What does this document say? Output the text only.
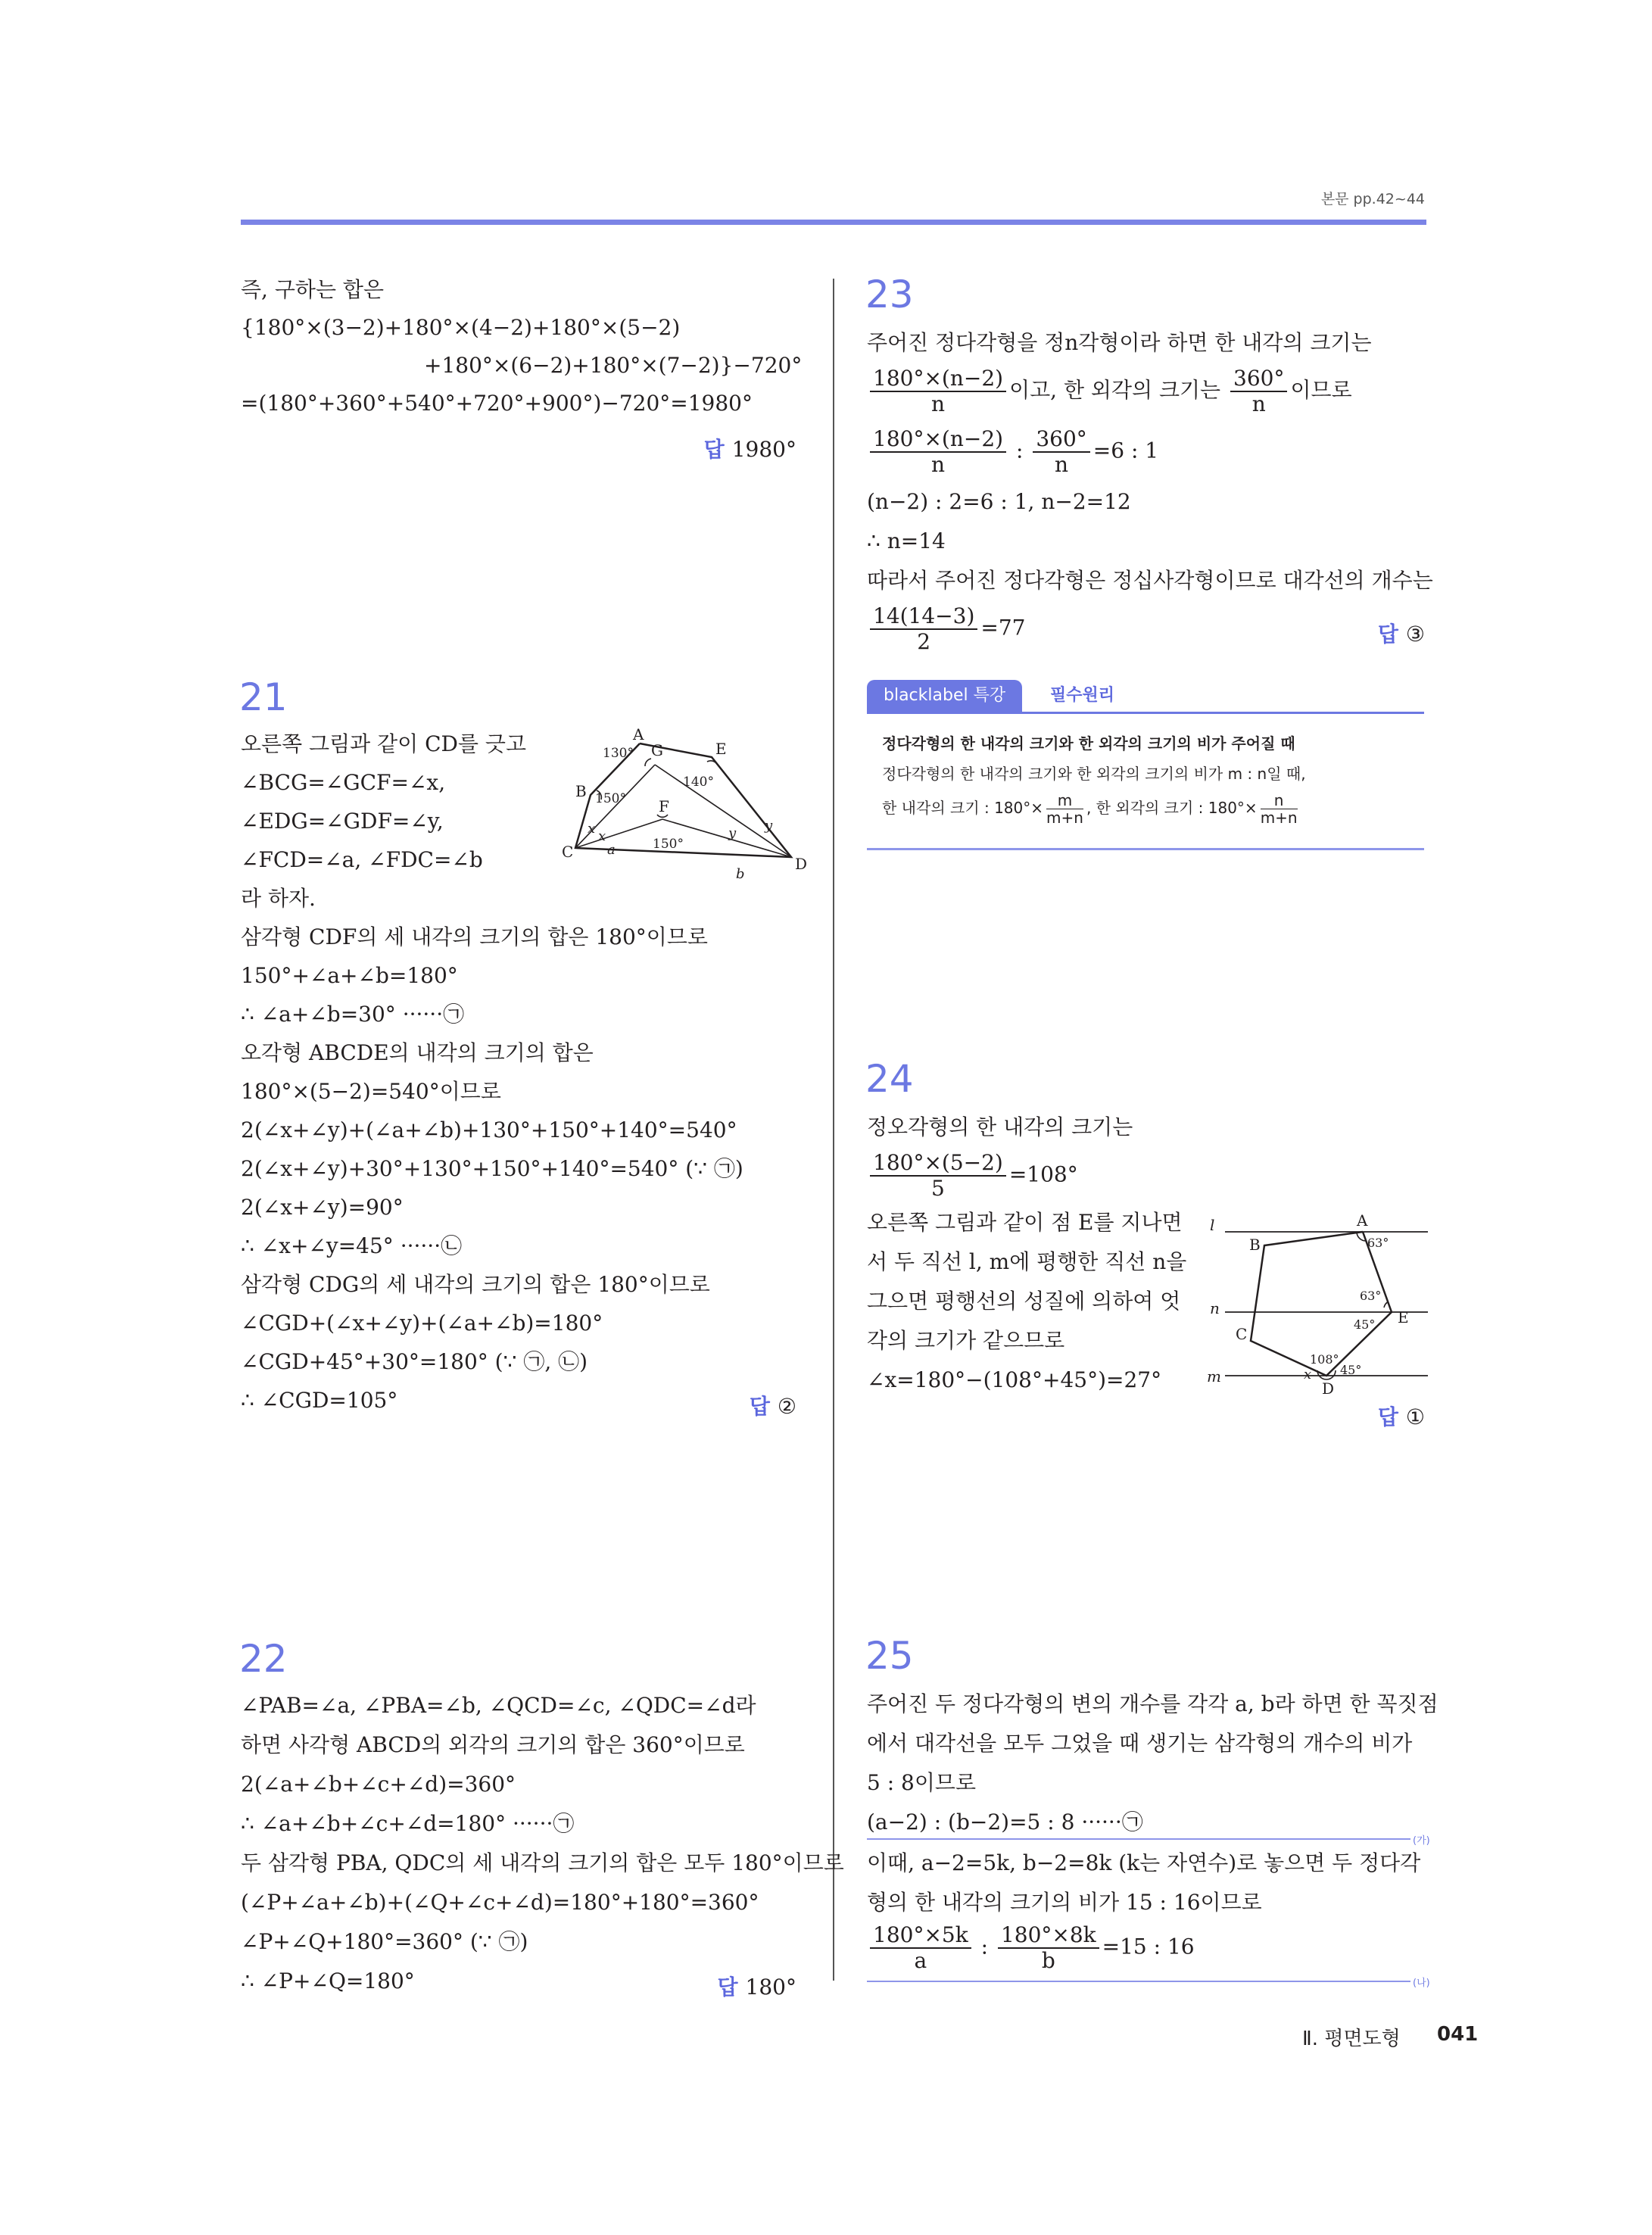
본문 pp.42~44
즉, 구하는 합은
{180°×(3−2)+180°×(4−2)+180°×(5−2)
+180°×(6−2)+180°×(7−2)}−720°
=(180°+360°+540°+720°+900°)−720°=1980°
답 1980°
21
오른쪽 그림과 같이 CD를 긋고
∠BCG=∠GCF=∠x,
∠EDG=∠GDF=∠y,
∠FCD=∠a, ∠FDC=∠b
라 하자.
삼각형 CDF의 세 내각의 크기의 합은 180°이므로
150°+∠a+∠b=180°
∴ ∠a+∠b=30° ······㉠
오각형 ABCDE의 내각의 크기의 합은
180°×(5−2)=540°이므로
2(∠x+∠y)+(∠a+∠b)+130°+150°+140°=540°
2(∠x+∠y)+30°+130°+150°+140°=540° (∵ ㉠)
2(∠x+∠y)=90°
∴ ∠x+∠y=45° ······㉡
삼각형 CDG의 세 내각의 크기의 합은 180°이므로
∠CGD+(∠x+∠y)+(∠a+∠b)=180°
∠CGD+45°+30°=180° (∵ ㉠, ㉡)
∴ ∠CGD=105°	답 ②
A
B
C
D
E
F
G
x x
y
y
a
b
130°
140°
150°
150°
22
∠PAB=∠a, ∠PBA=∠b, ∠QCD=∠c, ∠QDC=∠d라
하면 사각형 ABCD의 외각의 크기의 합은 360°이므로
2(∠a+∠b+∠c+∠d)=360°
∴ ∠a+∠b+∠c+∠d=180° ······㉠
두 삼각형 PBA, QDC의 세 내각의 크기의 합은 모두 180°이므로
(∠P+∠a+∠b)+(∠Q+∠c+∠d)=180°+180°=360°
∠P+∠Q+180°=360° (∵ ㉠)
∴ ∠P+∠Q=180°	답 180°
23
주어진 정다각형을 정n각형이라 하면 한 내각의 크기는
$\frac{180^\circ\times(n-2)}{n}$ 이고, 한 외각의 크기는 $\frac{360^\circ}{n}$ 이므로
$\frac{180^\circ\times(n-2)}{n}$ : $\frac{360^\circ}{n} =6$ : 1
(n−2) : 2=6 : 1, n−2=12
∴ n=14
따라서 주어진 정다각형은 정십사각형이므로 대각선의 개수는
$\frac{14(14-3)}{2} =77$	답 ③
blacklabel 특강	필수원리
정다각형의 한 내각의 크기와 한 외각의 크기의 비가 주어질 때
정다각형의 한 내각의 크기와 한 외각의 크기의 비가 m : n일 때,
한 내각의 크기 : $180^\circ\times \frac{m}{m+n}$ , 한 외각의 크기 : $180^\circ\times \frac{n}{m+n}$
24
정오각형의 한 내각의 크기는
$\frac{180^\circ\times(5-2)}{5} =108^\circ$
오른쪽 그림과 같이 점 E를 지나면
서 두 직선 l, m에 평행한 직선 n을
그으면 평행선의 성질에 의하여 엇
각의 크기가 같으므로
∠x=180°−(108°+45°)=27°
답 ①
l
n
m
A
B
C
D
E
x
63°
63°
45°
108°
45°
25
주어진 두 정다각형의 변의 개수를 각각 a, b라 하면 한 꼭짓점
에서 대각선을 모두 그었을 때 생기는 삼각형의 개수의 비가
5 : 8이므로
(a−2) : (b−2)=5 : 8 ······㉠
(가)
이때, a−2=5k, b−2=8k (k는 자연수)로 놓으면 두 정다각
형의 한 내각의 크기의 비가 15 : 16이므로
$\frac{180^\circ\times 5k}{a}$ : $\frac{180^\circ\times 8k}{b} =15$ : 16
(나)
Ⅱ. 평면도형 041
